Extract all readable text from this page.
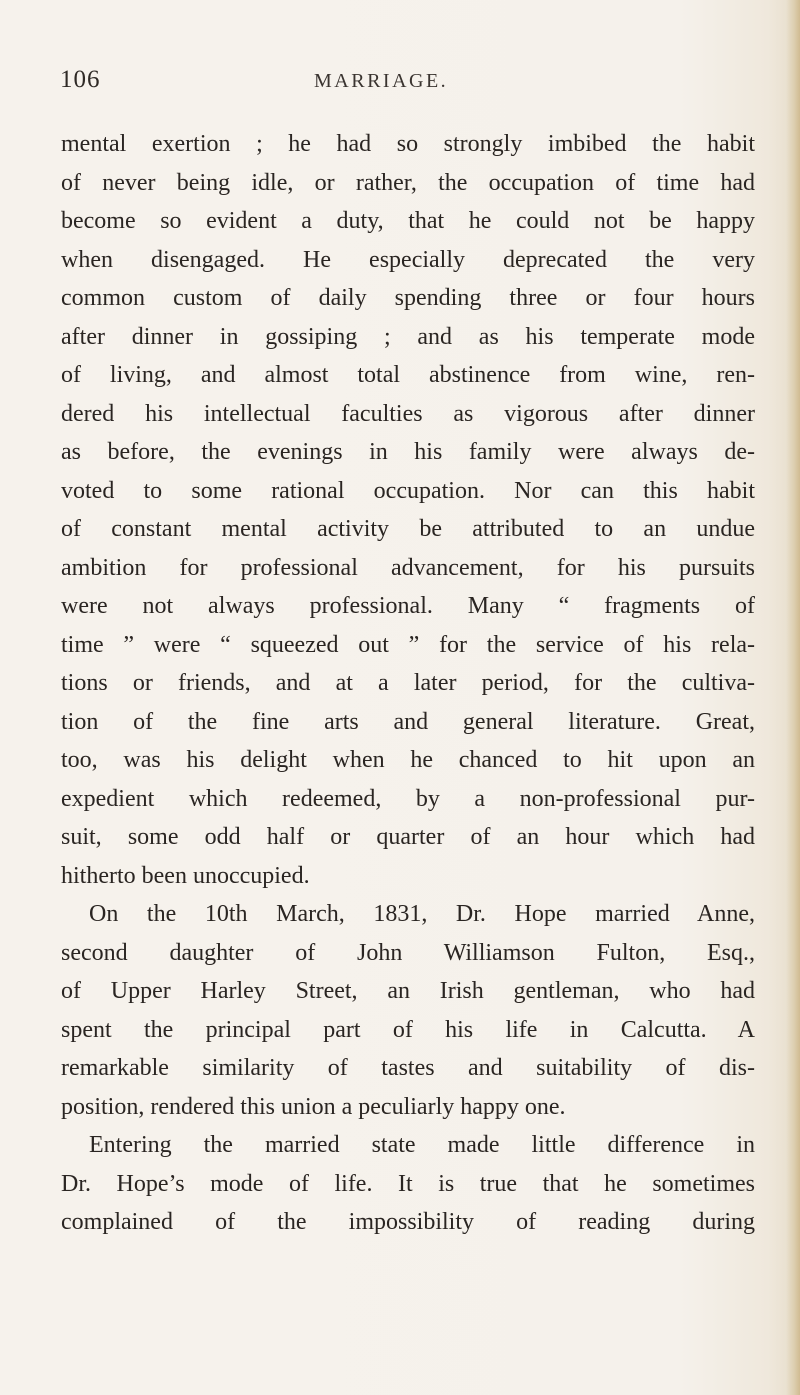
106	MARRIAGE.
mental exertion ; he had so strongly imbibed the habit
of never being idle, or rather, the occupation of time had
become so evident a duty, that he could not be happy
when disengaged. He especially deprecated the very
common custom of daily spending three or four hours
after dinner in gossiping ; and as his temperate mode
of living, and almost total abstinence from wine, ren-
dered his intellectual faculties as vigorous after dinner
as before, the evenings in his family were always de-
voted to some rational occupation. Nor can this habit
of constant mental activity be attributed to an undue
ambition for professional advancement, for his pursuits
were not always professional. Many “ fragments of
time ” were “ squeezed out ” for the service of his rela-
tions or friends, and at a later period, for the cultiva-
tion of the fine arts and general literature. Great,
too, was his delight when he chanced to hit upon an
expedient which redeemed, by a non-professional pur-
suit, some odd half or quarter of an hour which had
hitherto been unoccupied.
On the 10th March, 1831, Dr. Hope married Anne,
second daughter of John Williamson Fulton, Esq.,
of Upper Harley Street, an Irish gentleman, who had
spent the principal part of his life in Calcutta. A
remarkable similarity of tastes and suitability of dis-
position, rendered this union a peculiarly happy one.
Entering the married state made little difference in
Dr. Hope’s mode of life. It is true that he sometimes
complained of the impossibility of reading during
